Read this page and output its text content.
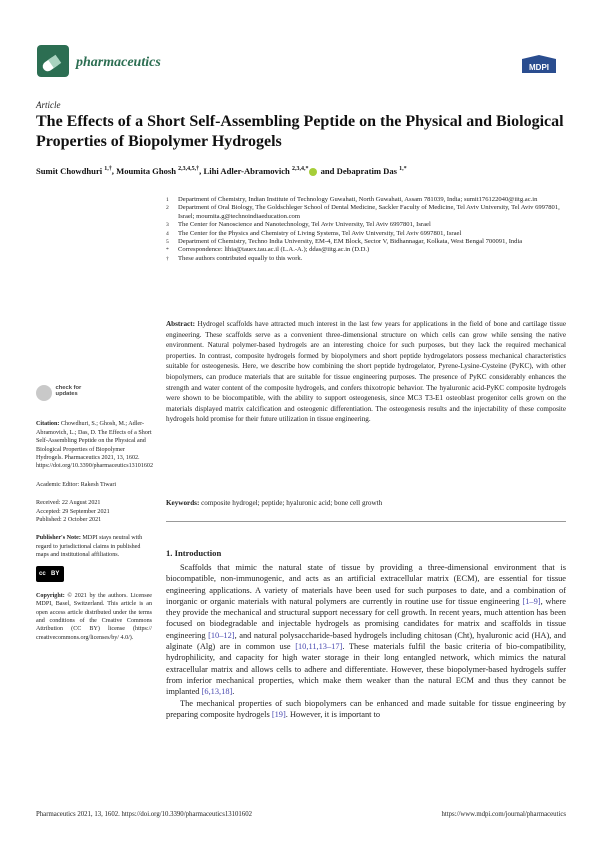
pharmaceutics	MDPI
Article
The Effects of a Short Self-Assembling Peptide on the Physical and Biological Properties of Biopolymer Hydrogels
Sumit Chowdhuri $^{1,\dagger}$, Moumita Ghosh $^{2,3,4,5,\dagger}$, Lihi Adler-Abramovich $^{2,3,4,*}$ and Debapratim Das $^{1,*}$
1	Department of Chemistry, Indian Institute of Technology Guwahati, North Guwahati, Assam 781039, India; sumit176122040@iitg.ac.in
2	Department of Oral Biology, The Goldschleger School of Dental Medicine, Sackler Faculty of Medicine, Tel Aviv University, Tel Aviv 6997801, Israel; moumita.g@technoindiaeducation.com
3	The Center for Nanoscience and Nanotechnology, Tel Aviv University, Tel Aviv 6997801, Israel
4	The Center for the Physics and Chemistry of Living Systems, Tel Aviv University, Tel Aviv 6997801, Israel
5	Department of Chemistry, Techno India University, EM-4, EM Block, Sector V, Bidhannagar, Kolkata, West Bengal 700091, India
*	Correspondence: lihia@tauex.tau.ac.il (L.A.-A.); ddas@iitg.ac.in (D.D.)
†	These authors contributed equally to this work.
check for
updates
Citation: Chowdhuri, S.; Ghosh, M.; Adler-Abramovich, L.; Das, D. The Effects of a Short Self-Assembling Peptide on the Physical and Biological Properties of Biopolymer Hydrogels. Pharmaceutics 2021, 13, 1602. https://doi.org/10.3390/pharmaceutics13101602
Academic Editor: Rakesh Tiwari
Received: 22 August 2021
Accepted: 29 September 2021
Published: 2 October 2021
Publisher's Note: MDPI stays neutral with regard to jurisdictional claims in published maps and institutional affiliations.
cc BY
Copyright: © 2021 by the authors. Licensee MDPI, Basel, Switzerland. This article is an open access article distributed under the terms and conditions of the Creative Commons Attribution (CC BY) license (https:// creativecommons.org/licenses/by/ 4.0/).
Abstract: Hydrogel scaffolds have attracted much interest in the last few years for applications in the field of bone and cartilage tissue engineering. These scaffolds serve as a convenient three-dimensional structure on which cells can grow while sensing the native environment. Natural polymer-based hydrogels are an interesting choice for such purposes, but they lack the required mechanical properties. In contrast, composite hydrogels formed by biopolymers and short peptide hydrogelators possess mechanical characteristics suitable for osteogenesis. Here, we describe how combining the short peptide hydrogelator, Pyrene-Lysine-Cysteine (PyKC), with other biopolymers, can produce materials that are suitable for tissue engineering purposes. The presence of PyKC considerably enhances the strength and water content of the composite hydrogels, and confers thixotropic behavior. The hyaluronic acid-PyKC composite hydrogels were shown to be biocompatible, with the ability to support osteogenesis, since MC3 T3-E1 osteoblast progenitor cells grown on the materials displayed matrix calcification and osteogenic differentiation. The osteogenesis results and the injectability of these composite hydrogels hold promise for their future utilization in tissue engineering.
Keywords: composite hydrogel; peptide; hyaluronic acid; bone cell growth
1. Introduction

Scaffolds that mimic the natural state of tissue by providing a three-dimensional environment that is biocompatible, non-immunogenic, and acts as an artificial extracellular matrix (ECM), are essential for tissue engineering applications. A variety of materials have been used for such purposes to date, and a combination of inorganic or organic materials with natural polymers are currently in routine use for tissue engineering [1–9], where they provide the mechanical and structural support necessary for cell growth. In recent years, much attention has been focused on biodegradable and injectable hydrogels as promising candidates for matrix and scaffolds in tissue engineering [10–12], and natural polysaccharide-based hydrogels including chitosan (Cht), hyaluronic acid (HA), and alginate (Alg) are in common use [10,11,13–17]. These materials fulfil the basic criteria of bio-compatibility, hydrophilicity, and capacity for high water storage in their long entangled network, which mimics the natural extracellular matrix and allows cells to adhere and differentiate. However, these biopolymer-based hydrogels suffer from inferior mechanical properties, which make them weaker than the natural ECM and thus they cannot be implanted [6,13,18].

The mechanical properties of such biopolymers can be enhanced and made suitable for tissue engineering by preparing composite hydrogels [19]. However, it is important to

Pharmaceutics 2021, 13, 1602. https://doi.org/10.3390/pharmaceutics13101602	https://www.mdpi.com/journal/pharmaceutics
